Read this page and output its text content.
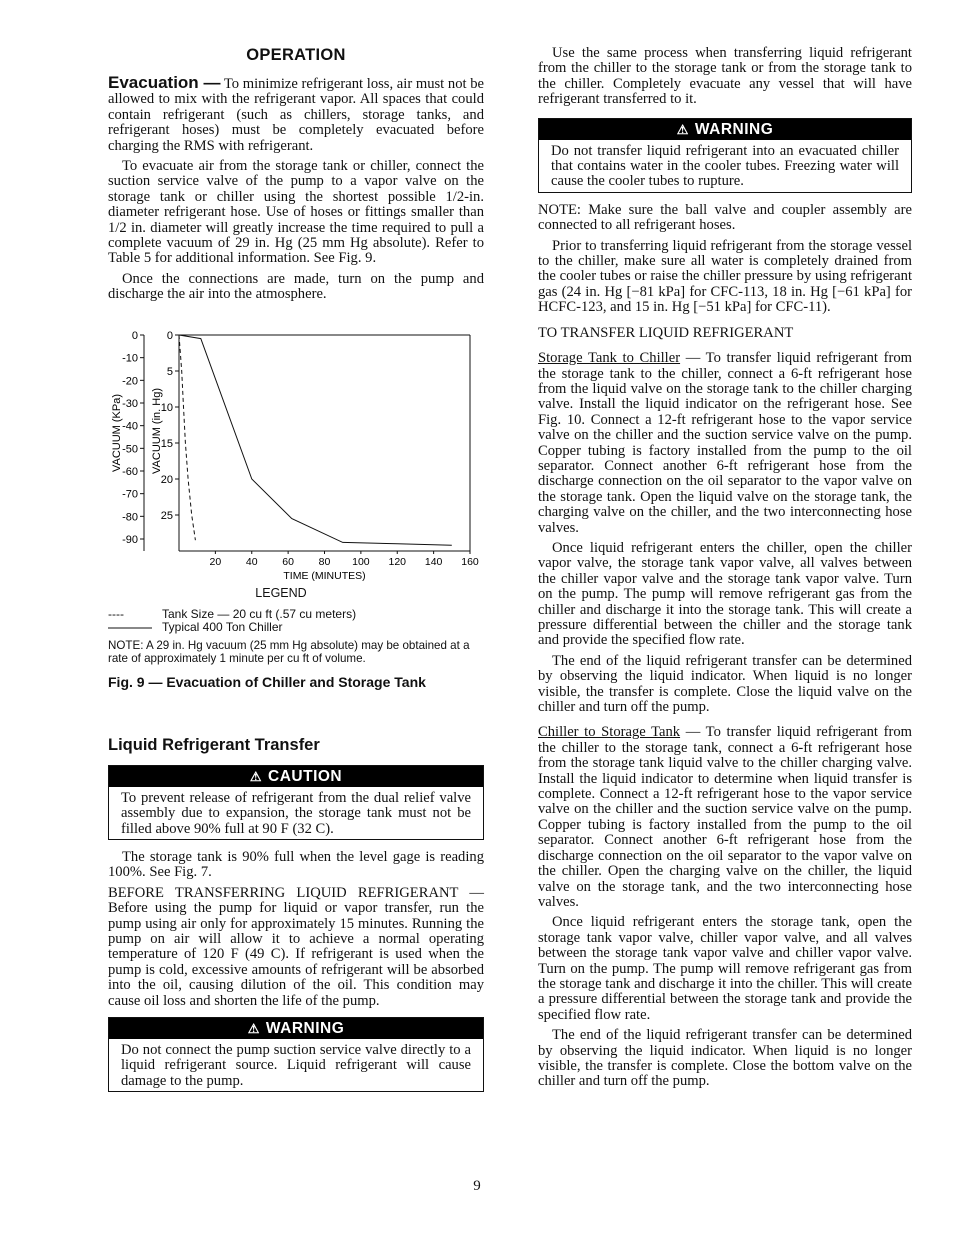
OPERATION

Evacuation — To minimize refrigerant loss, air must not be allowed to mix with the refrigerant vapor. All spaces that could contain refrigerant (such as chillers, storage tanks, and refrigerant hoses) must be completely evacuated before charging the RMS with refrigerant.

To evacuate air from the storage tank or chiller, connect the suction service valve of the pump to a vapor valve on the storage tank or chiller using the shortest possible 1/2-in. diameter refrigerant hose. Use of hoses or fittings smaller than 1/2 in. diameter will greatly increase the time required to pull a complete vacuum of 29 in. Hg (25 mm Hg absolute). Refer to Table 5 for additional information. See Fig. 9.

Once the connections are made, turn on the pump and discharge the air into the atmosphere.

0
-10
-20
-30
-40
-50
-60
-70
-80
-90
0
5
10
15
20
25
20 40 60 80 100 120 140 160
TIME (MINUTES)
VACUUM (KPa)	VACUUM (in. Hg)
LEGEND
----	Tank Size — 20 cu ft (.57 cu meters)
Typical 400 Ton Chiller
NOTE: A 29 in. Hg vacuum (25 mm Hg absolute) may be obtained at a rate of approximately 1 minute per cu ft of volume.
Fig. 9 — Evacuation of Chiller and Storage Tank
Liquid Refrigerant Transfer
⚠ CAUTION
To prevent release of refrigerant from the dual relief valve assembly due to expansion, the storage tank must not be filled above 90% full at 90 F (32 C).

The storage tank is 90% full when the level gage is reading 100%. See Fig. 7.

BEFORE TRANSFERRING LIQUID REFRIGERANT — Before using the pump for liquid or vapor transfer, run the pump using air only for approximately 15 minutes. Running the pump on air will allow it to achieve a normal operating temperature of 120 F (49 C). If refrigerant is used when the pump is cold, excessive amounts of refrigerant will be absorbed into the oil, causing dilution of the oil. This condition may cause oil loss and shorten the life of the pump.

⚠ WARNING
Do not connect the pump suction service valve directly to a liquid refrigerant source. Liquid refrigerant will cause damage to the pump.

Use the same process when transferring liquid refrigerant from the chiller to the storage tank or from the storage tank to the chiller. Completely evacuate any vessel that will have refrigerant transferred to it.

⚠ WARNING
Do not transfer liquid refrigerant into an evacuated chiller that contains water in the cooler tubes. Freezing water will cause the cooler tubes to rupture.

NOTE: Make sure the ball valve and coupler assembly are connected to all refrigerant hoses.

Prior to transferring liquid refrigerant from the storage vessel to the chiller, make sure all water is completely drained from the cooler tubes or raise the chiller pressure by using refrigerant gas (24 in. Hg [−81 kPa] for CFC-113, 18 in. Hg [−61 kPa] for HCFC-123, and 15 in. Hg [−51 kPa] for CFC-11).

TO TRANSFER LIQUID REFRIGERANT

Storage Tank to Chiller — To transfer liquid refrigerant from the storage tank to the chiller, connect a 6-ft refrigerant hose from the liquid valve on the storage tank to the chiller charging valve. Install the liquid indicator on the refrigerant hose. See Fig. 10. Connect a 12-ft refrigerant hose to the vapor service valve on the chiller and the suction service valve on the pump. Copper tubing is factory installed from the pump to the oil separator. Connect another 6-ft refrigerant hose from the discharge connection on the oil separator to the vapor valve on the storage tank. Open the liquid valve on the storage tank, the charging valve on the chiller, and the two interconnecting hose valves.

Once liquid refrigerant enters the chiller, open the chiller vapor valve, the storage tank vapor valve, all valves between the chiller vapor valve and the storage tank vapor valve. Turn on the pump. The pump will remove refrigerant gas from the chiller and discharge it into the storage tank. This will create a pressure differential between the chiller and the storage tank and provide the specified flow rate.

The end of the liquid refrigerant transfer can be determined by observing the liquid indicator. When liquid is no longer visible, the transfer is complete. Close the liquid valve on the chiller and turn off the pump.

Chiller to Storage Tank — To transfer liquid refrigerant from the chiller to the storage tank, connect a 6-ft refrigerant hose from the storage tank liquid valve to the chiller charging valve. Install the liquid indicator to determine when liquid transfer is complete. Connect a 12-ft refrigerant hose to the vapor service valve on the chiller and the suction service valve on the pump. Copper tubing is factory installed from the pump to the oil separator. Connect another 6-ft refrigerant hose from the discharge connection on the oil separator to the vapor valve on the chiller. Open the charging valve on the chiller, the liquid valve on the storage tank, and the two interconnecting hose valves.

Once liquid refrigerant enters the storage tank, open the storage tank vapor valve, chiller vapor valve, and all valves between the storage tank vapor valve and chiller vapor valve. Turn on the pump. The pump will remove refrigerant gas from the storage tank and discharge it into the chiller. This will create a pressure differential between the storage tank and provide the specified flow rate.

The end of the liquid refrigerant transfer can be determined by observing the liquid indicator. When liquid is no longer visible, the transfer is complete. Close the bottom valve on the chiller and turn off the pump.

9
